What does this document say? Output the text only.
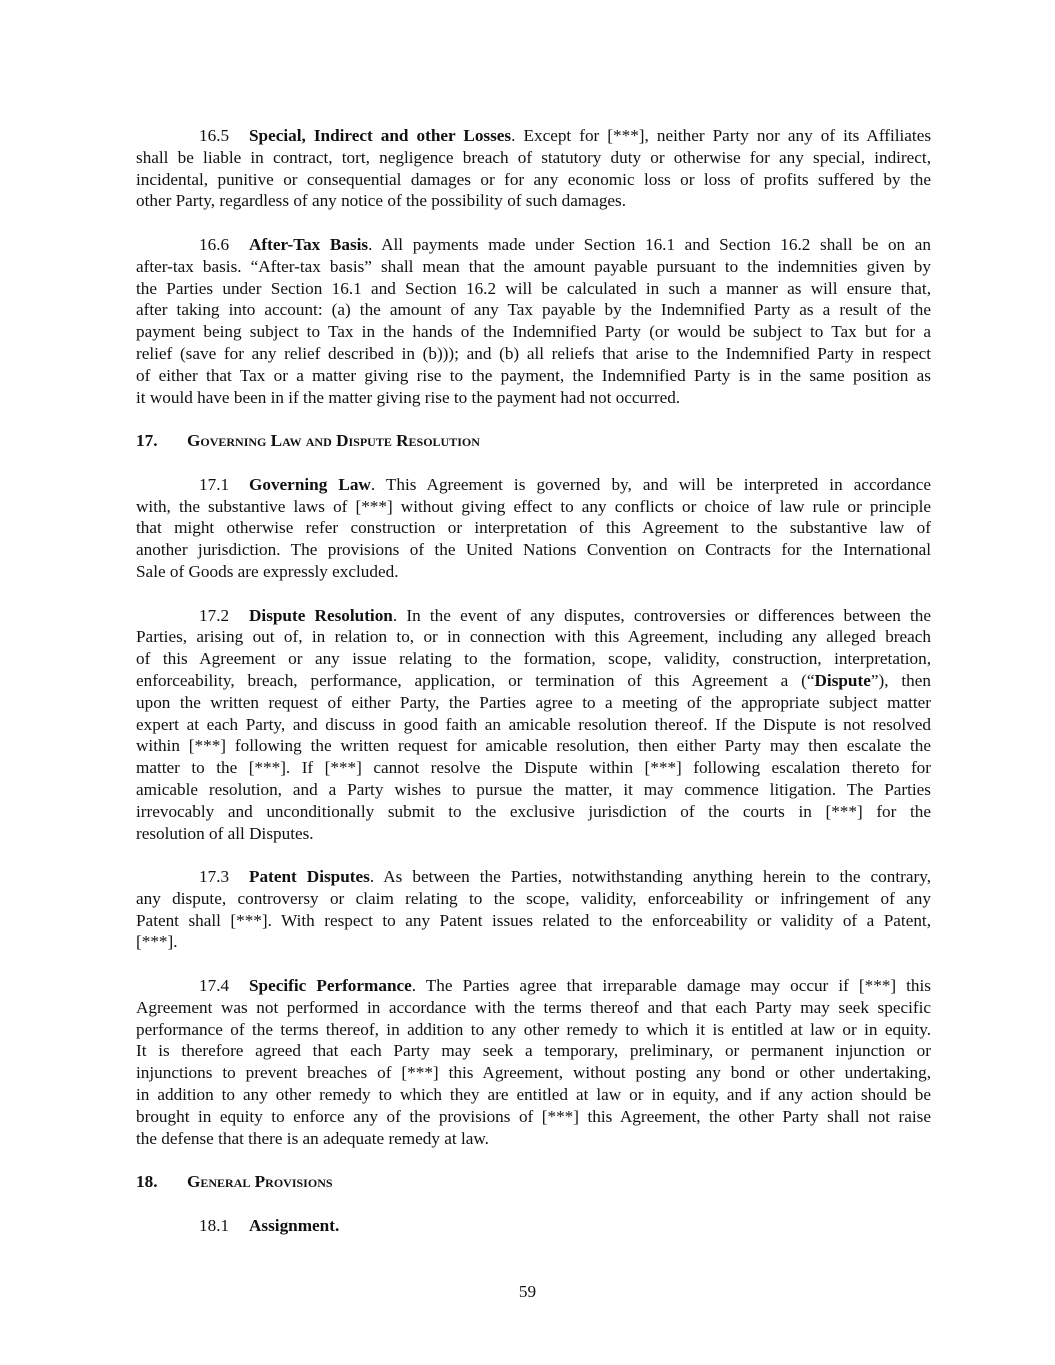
16.5 Special, Indirect and other Losses. Except for [***], neither Party nor any of its Affiliates
shall be liable in contract, tort, negligence breach of statutory duty or otherwise for any special, indirect,
incidental, punitive or consequential damages or for any economic loss or loss of profits suffered by the
other Party, regardless of any notice of the possibility of such damages.
16.6 After-Tax Basis. All payments made under Section 16.1 and Section 16.2 shall be on an
after-tax basis. “After-tax basis” shall mean that the amount payable pursuant to the indemnities given by
the Parties under Section 16.1 and Section 16.2 will be calculated in such a manner as will ensure that,
after taking into account: (a) the amount of any Tax payable by the Indemnified Party as a result of the
payment being subject to Tax in the hands of the Indemnified Party (or would be subject to Tax but for a
relief (save for any relief described in (b))); and (b) all reliefs that arise to the Indemnified Party in respect
of either that Tax or a matter giving rise to the payment, the Indemnified Party is in the same position as
it would have been in if the matter giving rise to the payment had not occurred.
17. Governing Law and Dispute Resolution
17.1 Governing Law. This Agreement is governed by, and will be interpreted in accordance
with, the substantive laws of [***] without giving effect to any conflicts or choice of law rule or principle
that might otherwise refer construction or interpretation of this Agreement to the substantive law of
another jurisdiction. The provisions of the United Nations Convention on Contracts for the International
Sale of Goods are expressly excluded.
17.2 Dispute Resolution. In the event of any disputes, controversies or differences between the
Parties, arising out of, in relation to, or in connection with this Agreement, including any alleged breach
of this Agreement or any issue relating to the formation, scope, validity, construction, interpretation,
enforceability, breach, performance, application, or termination of this Agreement a (“Dispute”), then
upon the written request of either Party, the Parties agree to a meeting of the appropriate subject matter
expert at each Party, and discuss in good faith an amicable resolution thereof. If the Dispute is not resolved
within [***] following the written request for amicable resolution, then either Party may then escalate the
matter to the [***]. If [***] cannot resolve the Dispute within [***] following escalation thereto for
amicable resolution, and a Party wishes to pursue the matter, it may commence litigation. The Parties
irrevocably and unconditionally submit to the exclusive jurisdiction of the courts in [***] for the
resolution of all Disputes.
17.3 Patent Disputes. As between the Parties, notwithstanding anything herein to the contrary,
any dispute, controversy or claim relating to the scope, validity, enforceability or infringement of any
Patent shall [***]. With respect to any Patent issues related to the enforceability or validity of a Patent,
[***].
17.4 Specific Performance. The Parties agree that irreparable damage may occur if [***] this
Agreement was not performed in accordance with the terms thereof and that each Party may seek specific
performance of the terms thereof, in addition to any other remedy to which it is entitled at law or in equity.
It is therefore agreed that each Party may seek a temporary, preliminary, or permanent injunction or
injunctions to prevent breaches of [***] this Agreement, without posting any bond or other undertaking,
in addition to any other remedy to which they are entitled at law or in equity, and if any action should be
brought in equity to enforce any of the provisions of [***] this Agreement, the other Party shall not raise
the defense that there is an adequate remedy at law.
18. General Provisions
18.1 Assignment.
59
